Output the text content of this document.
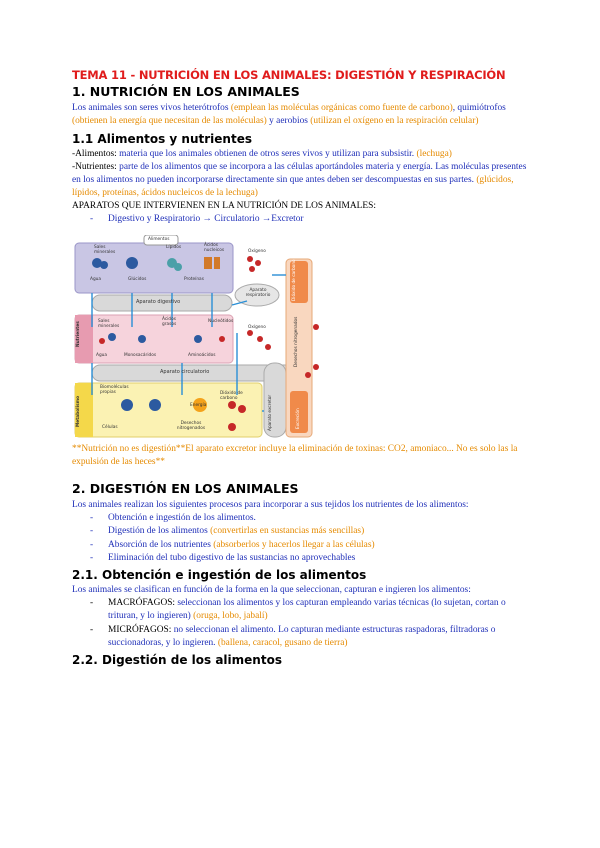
TEMA 11 - NUTRICIÓN EN LOS ANIMALES: DIGESTIÓN Y RESPIRACIÓN
1. NUTRICIÓN EN LOS ANIMALES

Los animales son seres vivos heterótrofos (emplean las moléculas orgánicas como fuente de carbono), quimiótrofos (obtienen la energía que necesitan de las moléculas) y aerobios (utilizan el oxígeno en la respiración celular)

1.1 Alimentos y nutrientes

-Alimentos: materia que los animales obtienen de otros seres vivos y utilizan para subsistir. (lechuga)

-Nutrientes: parte de los alimentos que se incorpora a las células aportándoles materia y energía. Las moléculas presentes en los alimentos no pueden incorporarse directamente sin que antes deben ser descompuestas en sus partes. (glúcidos, lípidos, proteínas, ácidos nucleicos de la lechuga)

APARATOS QUE INTERVIENEN EN LA NUTRICIÓN DE LOS ANIMALES:

- Digestivo y Respiratorio → Circulatorio →Excretor
Alimentos
Sales minerales
Lípidos	Ácidos nucleicos
Agua	Glúcidos	Proteínas
Aparato digestivo
Oxígeno
Aparato respiratorio
Nutrientes	Sales minerales
Ácidos grasos
Nucleótidos
Agua	Monosacáridos	Aminoácidos
Aparato circulatorio
Oxígeno
Metabolismo
Biomoléculas propias
Energía
Dióxido de carbono
Células
Desechos nitrogenados	Aparato excretor
Dióxido de carbono
Desechos nitrogenados
Excreción

**Nutrición no es digestión**El aparato excretor incluye la eliminación de toxinas: CO2, amoniaco... No es solo las la expulsión de las heces**

2. DIGESTIÓN EN LOS ANIMALES

Los animales realizan los siguientes procesos para incorporar a sus tejidos los nutrientes de los alimentos:

- Obtención e ingestión de los alimentos.
- Digestión de los alimentos (convertirlas en sustancias más sencillas)
- Absorción de los nutrientes (absorberlos y hacerlos llegar a las células)
- Eliminación del tubo digestivo de las sustancias no aprovechables
2.1. Obtención e ingestión de los alimentos

Los animales se clasifican en función de la forma en la que seleccionan, capturan e ingieren los alimentos:

- MACRÓFAGOS: seleccionan los alimentos y los capturan empleando varias técnicas (lo sujetan, cortan o trituran, y lo ingieren) (oruga, lobo, jabalí)
- MICRÓFAGOS: no seleccionan el alimento. Lo capturan mediante estructuras raspadoras, filtradoras o succionadoras, y lo ingieren. (ballena, caracol, gusano de tierra)
2.2. Digestión de los alimentos
